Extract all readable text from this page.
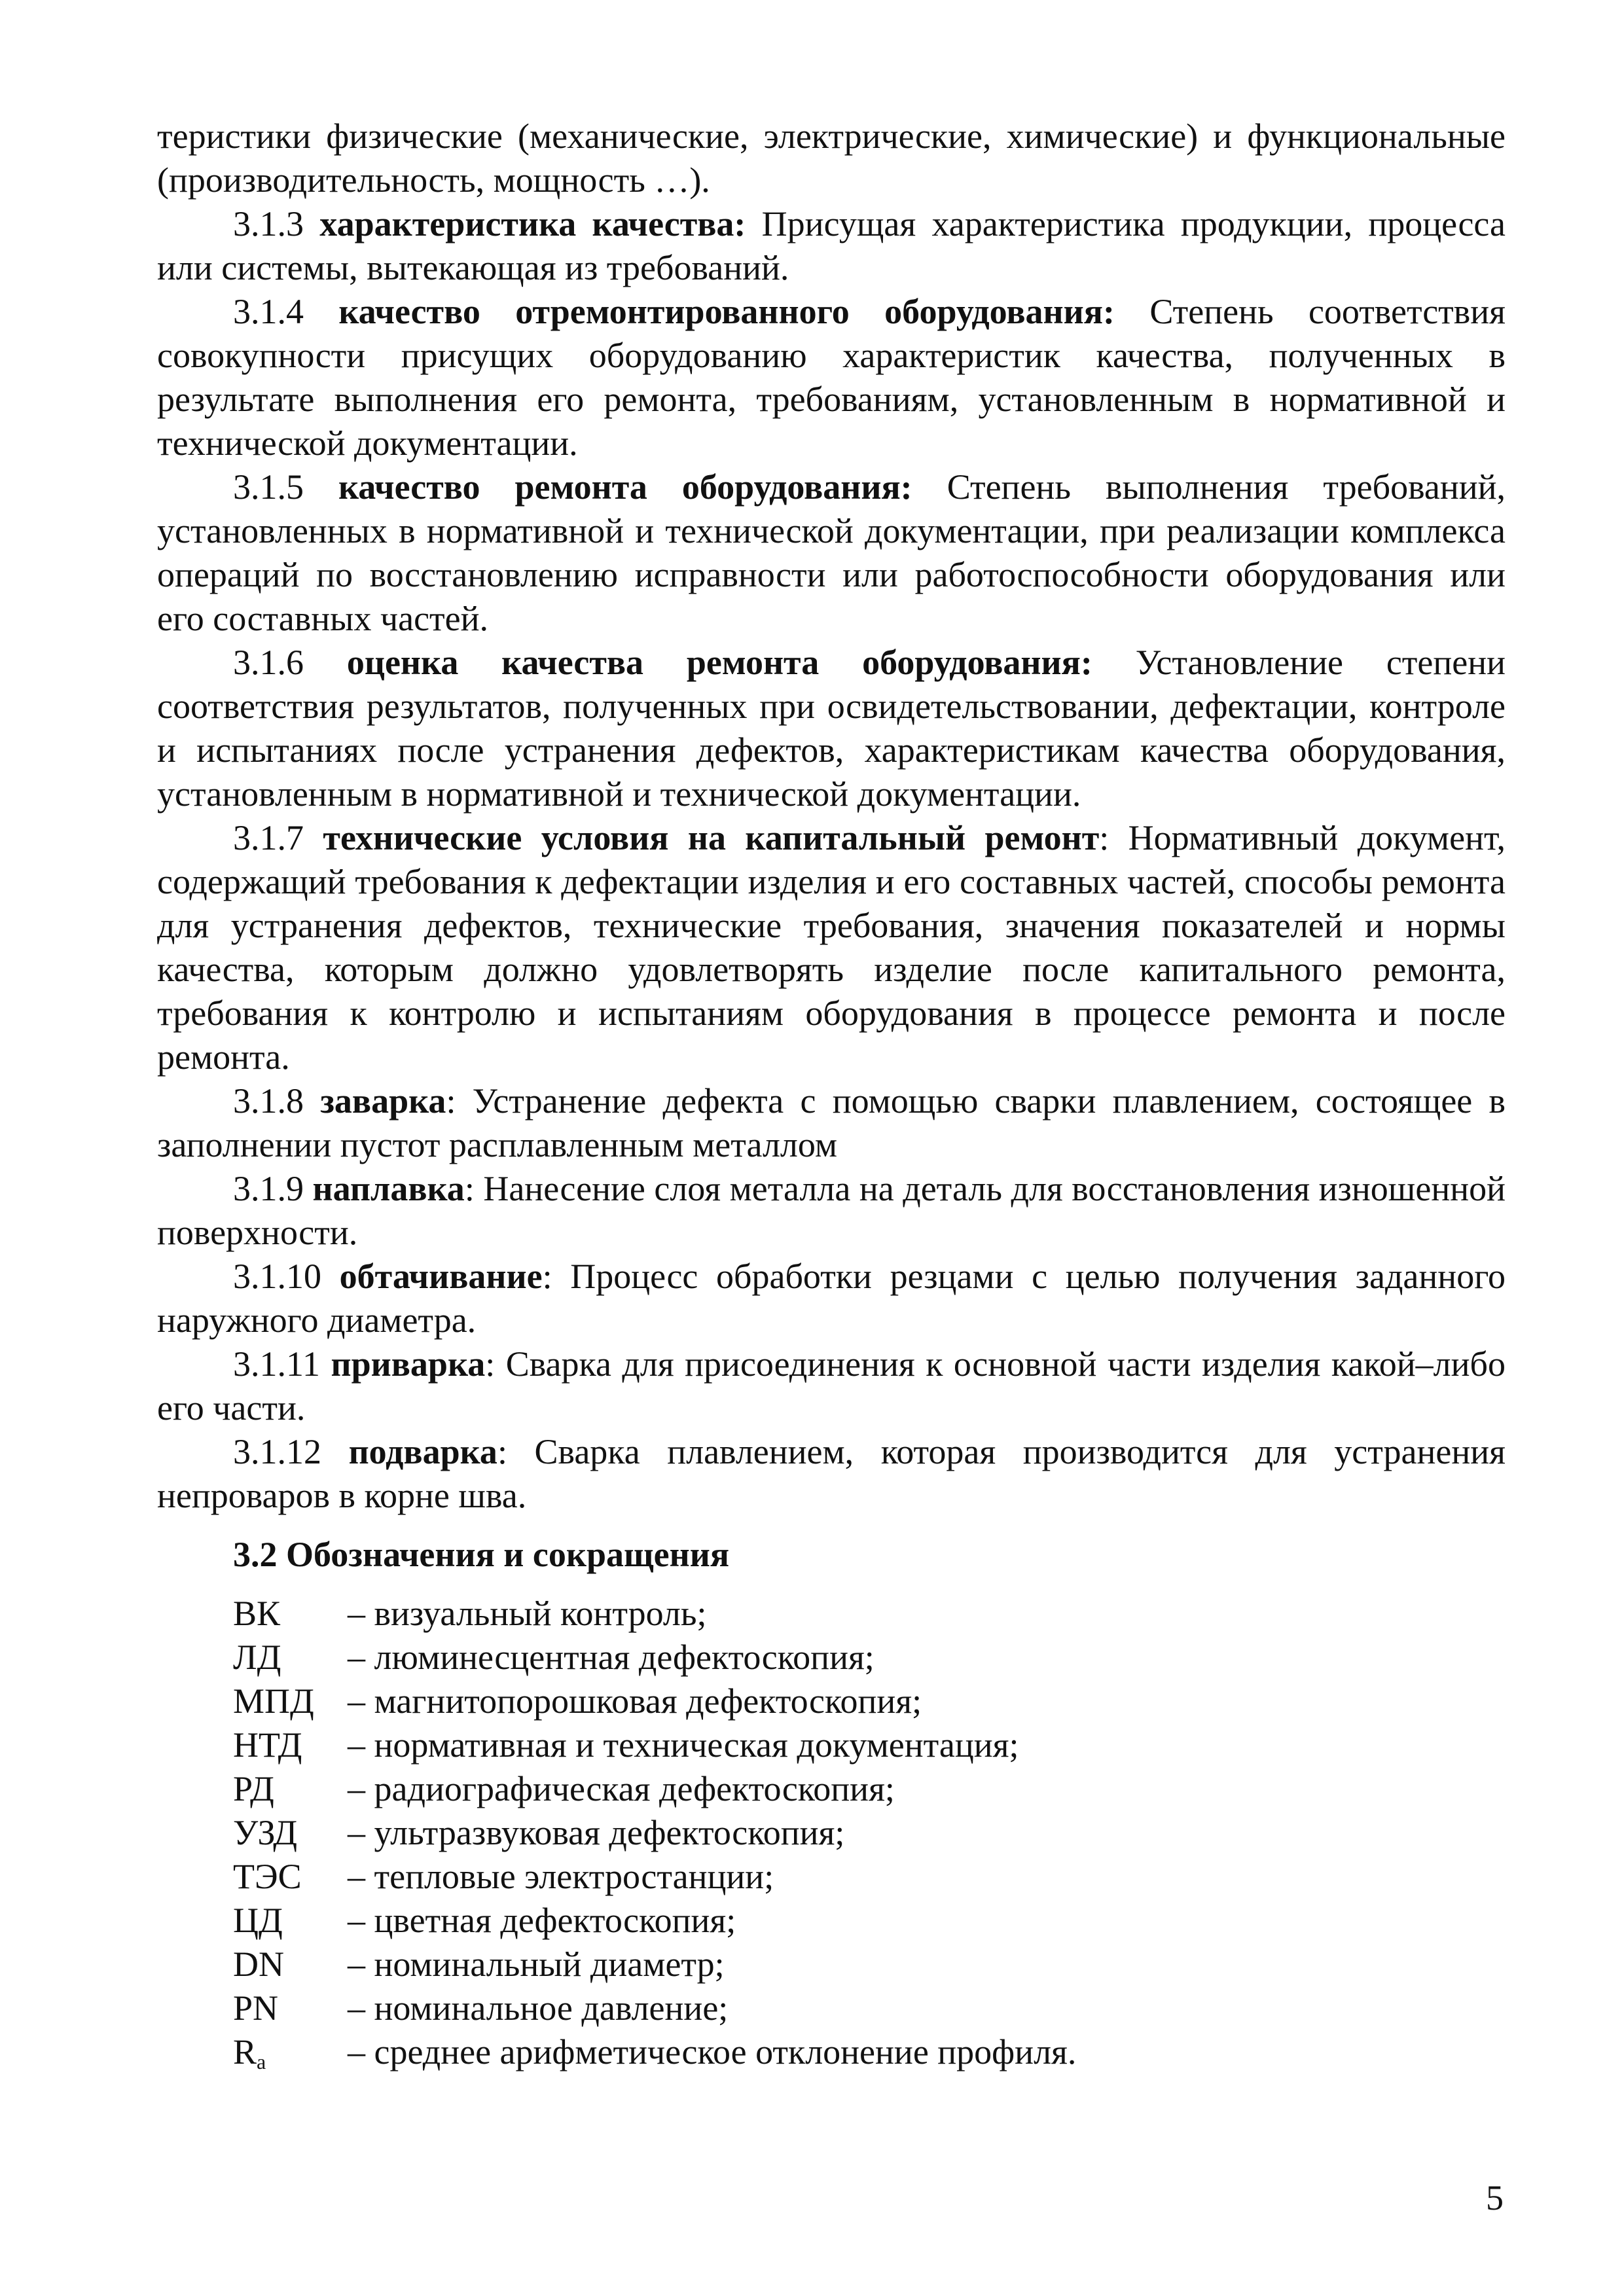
теристики физические (механические, электрические, химические) и функциональные (производительность, мощность …).

3.1.3 характеристика качества: Присущая характеристика продукции, процесса или системы, вытекающая из требований.

3.1.4 качество отремонтированного оборудования: Степень соответствия совокупности присущих оборудованию характеристик качества, полученных в результате выполнения его ремонта, требованиям, установленным в нормативной и технической документации.

3.1.5 качество ремонта оборудования: Степень выполнения требований, установленных в нормативной и технической документации, при реализации комплекса операций по восстановлению исправности или работоспособности оборудования или его составных частей.

3.1.6 оценка качества ремонта оборудования: Установление степени соответствия результатов, полученных при освидетельствовании, дефектации, контроле и испытаниях после устранения дефектов, характеристикам качества оборудования, установленным в нормативной и технической документации.

3.1.7 технические условия на капитальный ремонт: Нормативный документ, содержащий требования к дефектации изделия и его составных частей, способы ремонта для устранения дефектов, технические требования, значения показателей и нормы качества, которым должно удовлетворять изделие после капитального ремонта, требования к контролю и испытаниям оборудования в процессе ремонта и после ремонта.

3.1.8 заварка: Устранение дефекта с помощью сварки плавлением, состоящее в заполнении пустот расплавленным металлом

3.1.9 наплавка: Нанесение слоя металла на деталь для восстановления изношенной поверхности.

3.1.10 обтачивание: Процесс обработки резцами с целью получения заданного наружного диаметра.

3.1.11 приварка: Сварка для присоединения к основной части изделия какой–либо его части.

3.1.12 подварка: Сварка плавлением, которая производится для устранения непроваров в корне шва.

3.2 Обозначения и сокращения
ВК	– визуальный контроль;
ЛД	– люминесцентная дефектоскопия;
МПД – магнитопорошковая дефектоскопия;
НТД	– нормативная и техническая документация;
РД	– радиографическая дефектоскопия;
УЗД	– ультразвуковая дефектоскопия;
ТЭС	– тепловые электростанции;
ЦД	– цветная дефектоскопия;
DN	– номинальный диаметр;
PN	– номинальное давление;
$R_a$	– среднее арифметическое отклонение профиля.
5
